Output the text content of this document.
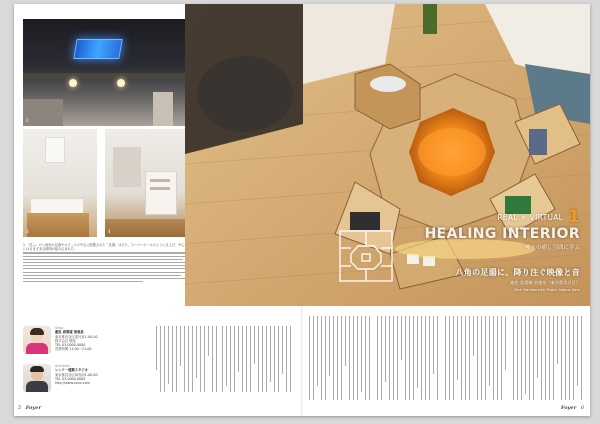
2
3	4
1 「足ふ」の八角形の足湯やオフィスの中心に配置された「足湯」はさり。スーパーボールのように仕上げ、中心にはさまざまな照明が組み込まれた。
Shop
癒処 游葉庵 南風泉
東京都渋谷区恵比寿1-00-00
株式会社 癒処
TEL 03-0000-0000
営業時間 11:00〜21:00
Architect
レンド一建築スタジオ
東京都渋谷区神宮前1-00-00
TEL 03-0000-0000
http://www.xxxx.com
5 Foyer
REAL × VIRTUAL 1
HEALING INTERIOR
極上の癒し空間に学ぶ
八角の足湯に、降り注ぐ映像と音
癒処 游葉庵 南風泉（東京都渋谷区）
Text: Hanako Ishii Photo: Nobuo Sato
Foyer 6
